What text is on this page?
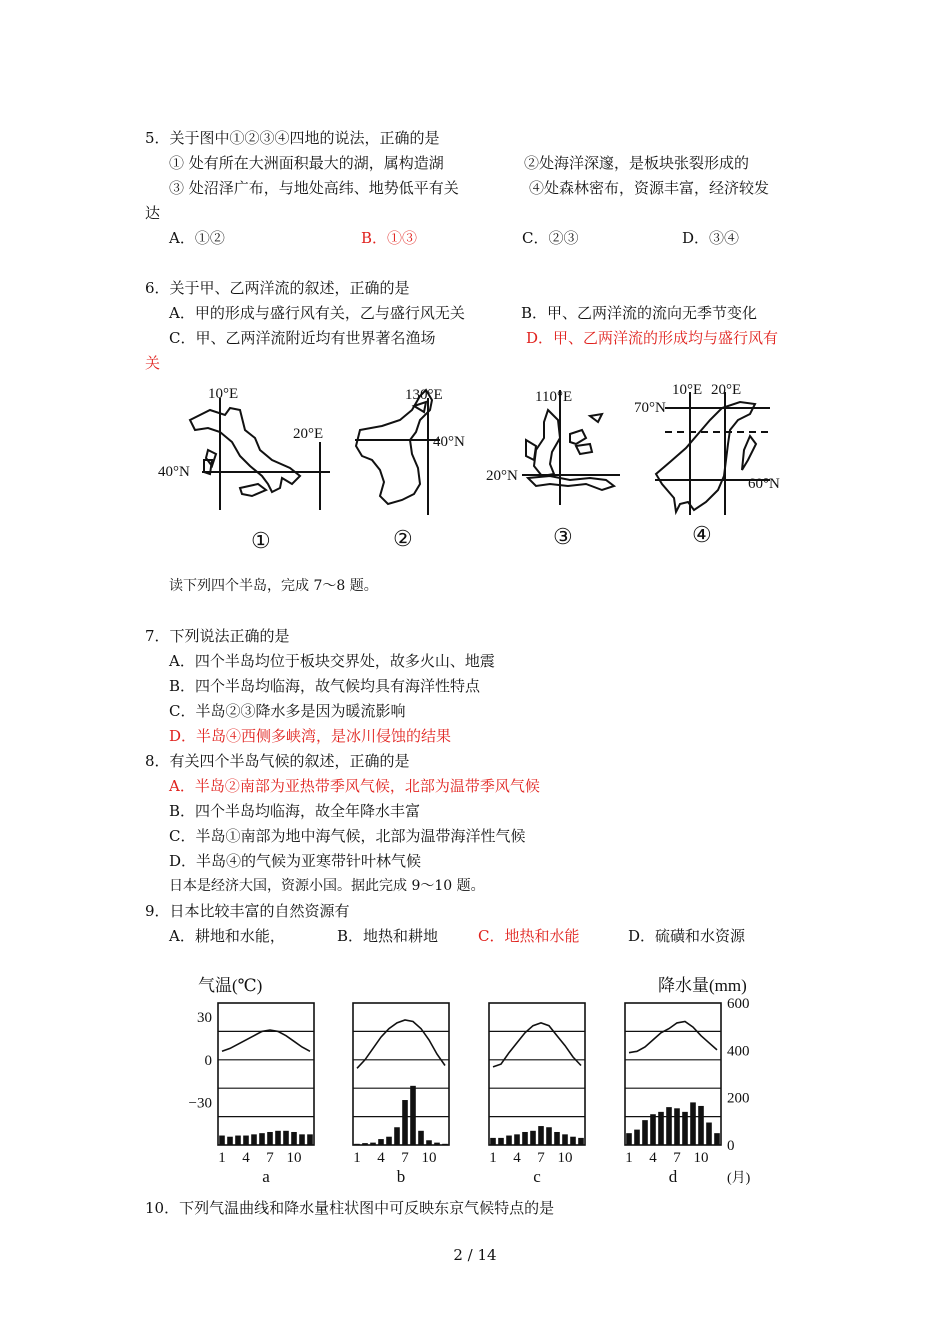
5．关于图中①②③④四地的说法，正确的是
① 处有所在大洲面积最大的湖，属构造湖	②处海洋深邃，是板块张裂形成的
③ 处沼泽广布，与地处高纬、地势低平有关	④处森林密布，资源丰富，经济较发
达
A．①②	B．①③	C．②③	D．③④
6．关于甲、乙两洋流的叙述，正确的是
A．甲的形成与盛行风有关，乙与盛行风无关	B．甲、乙两洋流的流向无季节变化
C．甲、乙两洋流附近均有世界著名渔场	D．甲、乙两洋流的形成均与盛行风有
关
10°E
20°E
40°N
①
130°E
40°N
②
110°E
20°N
③
10°E 20°E
70°N
60°N
④
读下列四个半岛，完成 7～8 题。
7．下列说法正确的是
A．四个半岛均位于板块交界处，故多火山、地震
B．四个半岛均临海，故气候均具有海洋性特点
C．半岛②③降水多是因为暖流影响
D．半岛④西侧多峡湾，是冰川侵蚀的结果
8．有关四个半岛气候的叙述，正确的是
A．半岛②南部为亚热带季风气候，北部为温带季风气候
B．四个半岛均临海，故全年降水丰富
C．半岛①南部为地中海气候，北部为温带海洋性气候
D．半岛④的气候为亚寒带针叶林气候
日本是经济大国，资源小国。据此完成 9～10 题。
9．日本比较丰富的自然资源有
A．耕地和水能，	B．地热和耕地	C．地热和水能	D．硫磺和水资源
气温(℃)	降水量(mm)
1 4 7 10
a
1 4 7 10
b
1 4 7 10
c
1 4 7 10
d
30
0
−30
600
400
200
0
(月)
10．下列气温曲线和降水量柱状图中可反映东京气候特点的是
2 / 14
